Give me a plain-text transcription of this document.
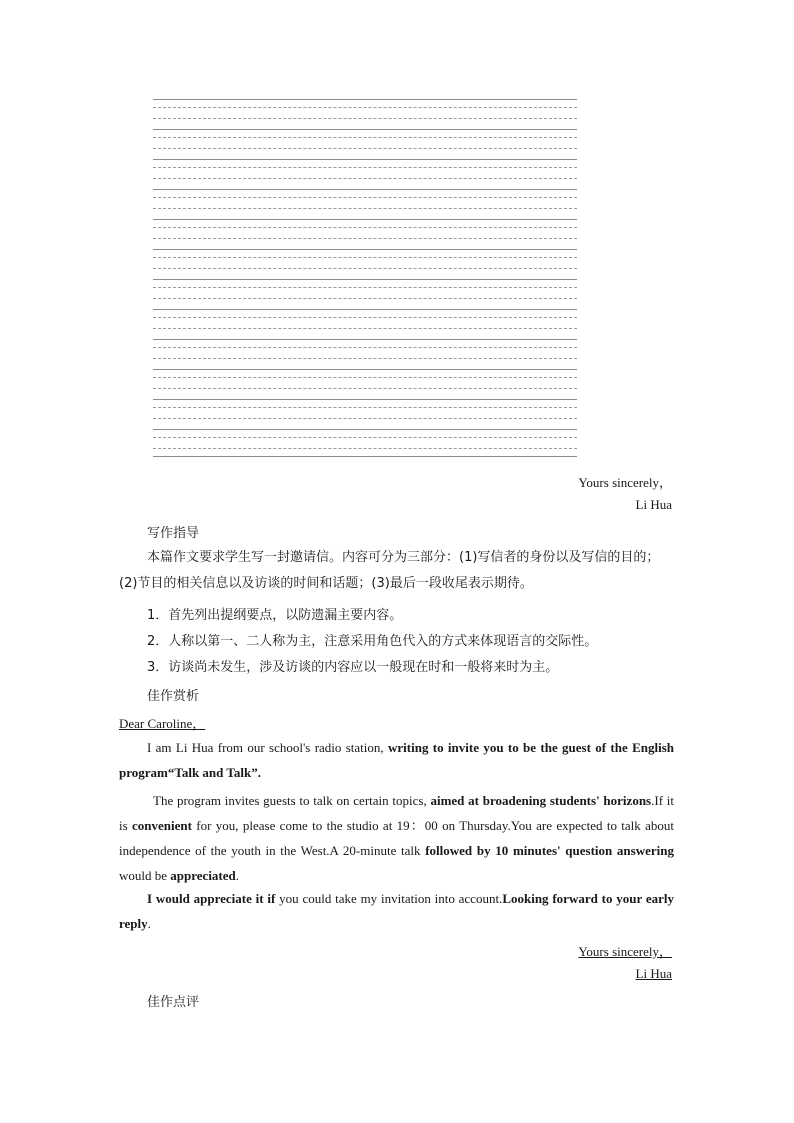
Yours sincerely，
Li Hua
写作指导
本篇作文要求学生写一封邀请信。内容可分为三部分：(1)写信者的身份以及写信的目的；(2)节目的相关信息以及访谈的时间和话题；(3)最后一段收尾表示期待。
1．首先列出提纲要点，以防遗漏主要内容。
2．人称以第一、二人称为主，注意采用角色代入的方式来体现语言的交际性。
3．访谈尚未发生，涉及访谈的内容应以一般现在时和一般将来时为主。
佳作赏析
Dear Caroline，
I am Li Hua from our school's radio station, writing to invite you to be the guest of the English program“Talk and Talk”.
The program invites guests to talk on certain topics, aimed at broadening students' horizons.If it is convenient for you, please come to the studio at 19：00 on Thursday.You are expected to talk about independence of the youth in the West.A 20-minute talk followed by 10 minutes' question answering would be appreciated.
I would appreciate it if you could take my invitation into account.Looking forward to your early reply.
Yours sincerely，
Li Hua
佳作点评
